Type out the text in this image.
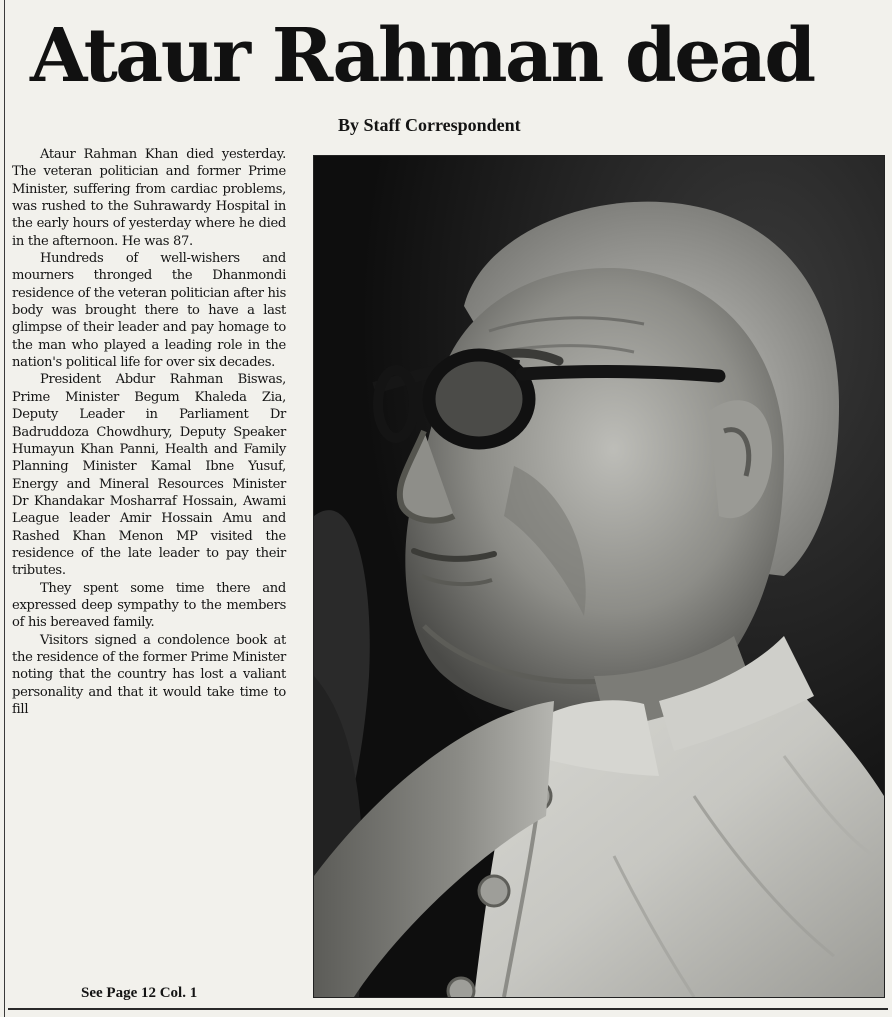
Ataur Rahman dead
By Staff Correspondent

Ataur Rahman Khan died yesterday. The veteran politician and former Prime Minister, suffering from cardiac problems, was rushed to the Suhrawardy Hospital in the early hours of yesterday where he died in the afternoon. He was 87.

Hundreds of well-wishers and mourners thronged the Dhanmondi residence of the veteran politician after his body was brought there to have a last glimpse of their leader and pay homage to the man who played a leading role in the nation's political life for over six decades.

President Abdur Rahman Biswas, Prime Minister Begum Khaleda Zia, Deputy Leader in Parliament Dr Badruddoza Chowdhury, Deputy Speaker Humayun Khan Panni, Health and Family Planning Minister Kamal Ibne Yusuf, Energy and Mineral Resources Minister Dr Khandakar Mosharraf Hossain, Awami League leader Amir Hossain Amu and Rashed Khan Menon MP visited the residence of the late leader to pay their tributes.

They spent some time there and expressed deep sympathy to the members of his bereaved family.

Visitors signed a condolence book at the residence of the former Prime Minister noting that the country has lost a valiant personality and that it would take time to fill

See Page 12 Col. 1
